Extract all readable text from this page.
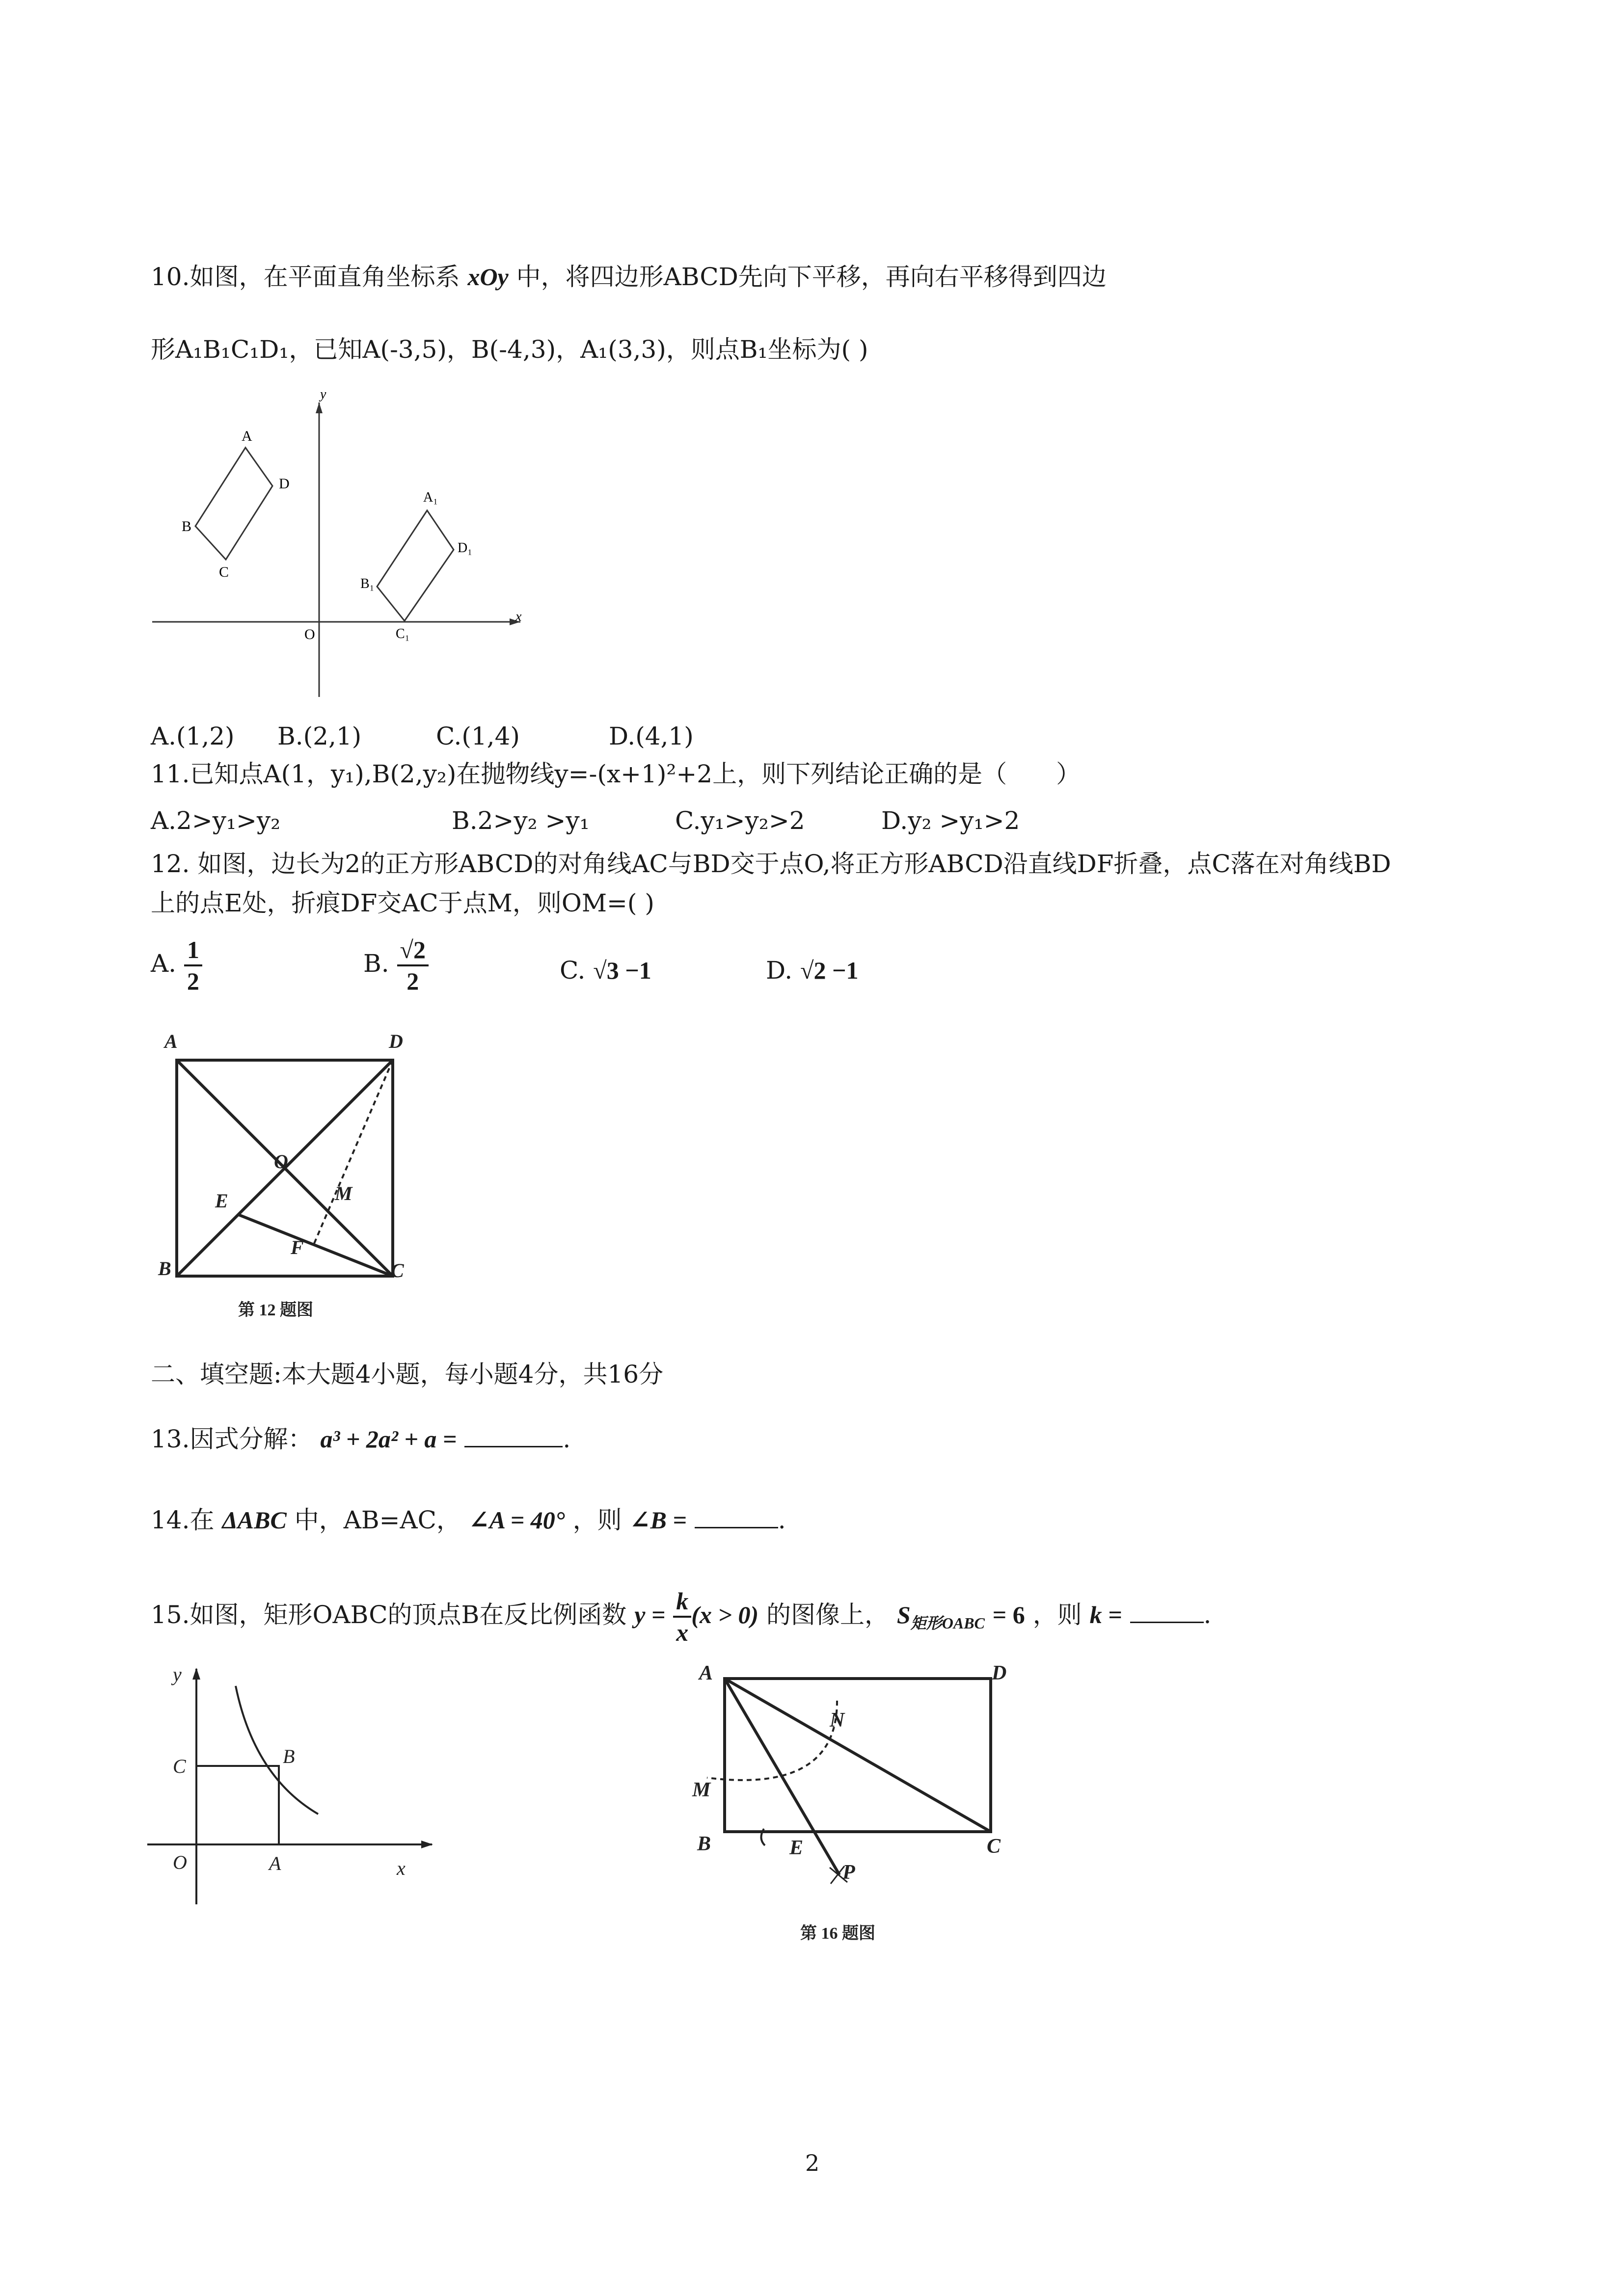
10.如图，在平面直角坐标系 xOy 中，将四边形ABCD先向下平移，再向右平移得到四边
形A₁B₁C₁D₁，已知A(-3,5)，B(-4,3)，A₁(3,3)，则点B₁坐标为( )
y
x
O
A
D
B
C
A₁
D₁
B₁
C₁
A.(1,2) B.(2,1)	C.(1,4)	D.(4,1)
11.已知点A(1，y₁),B(2,y₂)在抛物线y=-(x+1)²+2上，则下列结论正确的是（　　）
A.2>y₁>y₂	B.2>y₂ >y₁	C.y₁>y₂>2	D.y₂ >y₁>2
12. 如图，边长为2的正方形ABCD的对角线AC与BD交于点O,将正方形ABCD沿直线DF折叠，点C落在对角线BD
上的点E处，折痕DF交AC于点M，则OM=( )
A. $\frac{1}{2}$	B. $\frac{√2}{2}$	C. √3 −1	D. √2 −1
A	D
B	C
O
E	M
F
第 12 题图
二、填空题:本大题4小题，每小题4分，共16分
13.因式分解： a³ + 2a² + a =	.
14.在 ΔABC 中，AB=AC， ∠A = 40° ，则 ∠B =	.
15.如图，矩形OABC的顶点B在反比例函数 $y = \frac{k}{x} (x > 0)$ 的图像上， $S_{矩形OABC} = 6$ ，则 k =	.
y
x
O	A
C	B
A	D
B	C
M
N
E
P
第 16 题图
2
